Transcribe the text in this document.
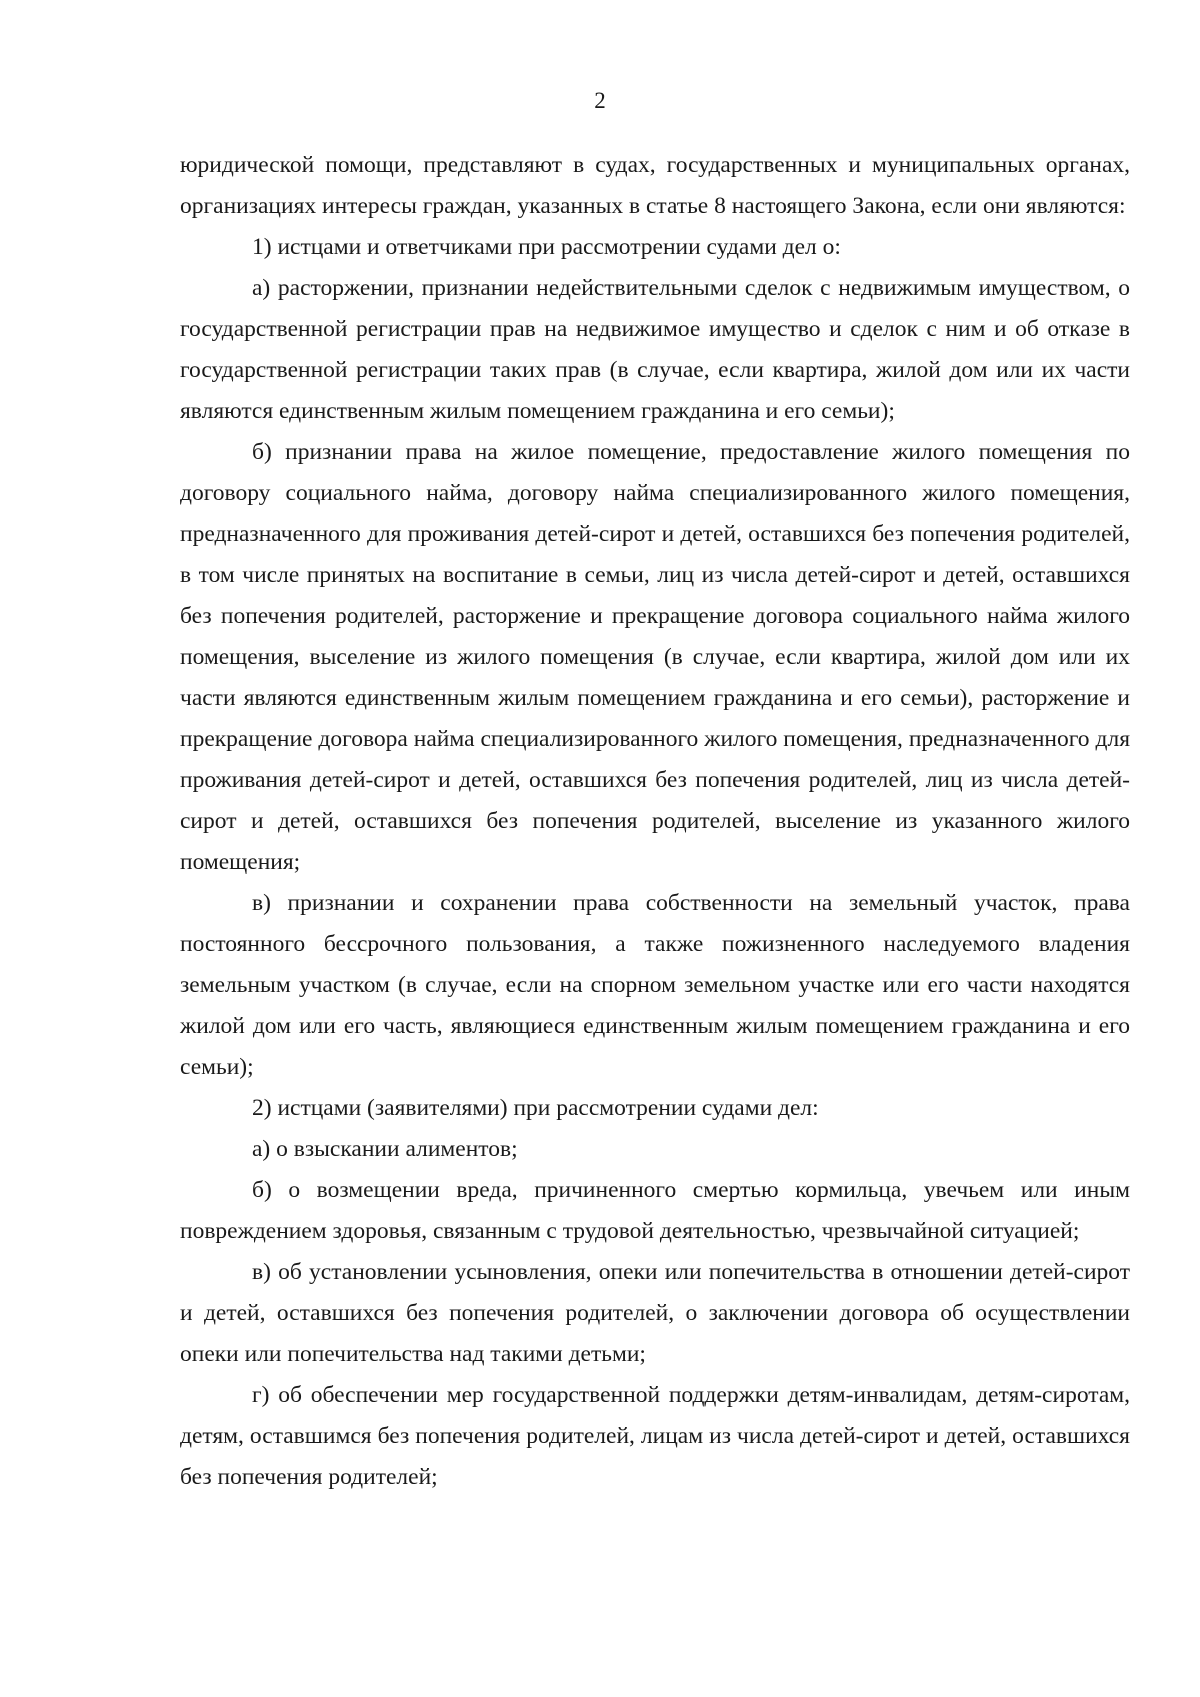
2

юридической помощи, представляют в судах, государственных и муниципальных органах, организациях интересы граждан, указанных в статье 8 настоящего Закона, если они являются:

1) истцами и ответчиками при рассмотрении судами дел о:

а) расторжении, признании недействительными сделок с недвижимым имуществом, о государственной регистрации прав на недвижимое имущество и сделок с ним и об отказе в государственной регистрации таких прав (в случае, если квартира, жилой дом или их части являются единственным жилым помещением гражданина и его семьи);

б) признании права на жилое помещение, предоставление жилого помещения по договору социального найма, договору найма специализированного жилого помещения, предназначенного для проживания детей-сирот и детей, оставшихся без попечения родителей, в том числе принятых на воспитание в семьи, лиц из числа детей-сирот и детей, оставшихся без попечения родителей, расторжение и прекращение договора социального найма жилого помещения, выселение из жилого помещения (в случае, если квартира, жилой дом или их части являются единственным жилым помещением гражданина и его семьи), расторжение и прекращение договора найма специализированного жилого помещения, предназначенного для проживания детей-сирот и детей, оставшихся без попечения родителей, лиц из числа детей-сирот и детей, оставшихся без попечения родителей, выселение из указанного жилого помещения;

в) признании и сохранении права собственности на земельный участок, права постоянного бессрочного пользования, а также пожизненного наследуемого владения земельным участком (в случае, если на спорном земельном участке или его части находятся жилой дом или его часть, являющиеся единственным жилым помещением гражданина и его семьи);

2) истцами (заявителями) при рассмотрении судами дел:

а) о взыскании алиментов;

б) о возмещении вреда, причиненного смертью кормильца, увечьем или иным повреждением здоровья, связанным с трудовой деятельностью, чрезвычайной ситуацией;

в) об установлении усыновления, опеки или попечительства в отношении детей-сирот и детей, оставшихся без попечения родителей, о заключении договора об осуществлении опеки или попечительства над такими детьми;

г) об обеспечении мер государственной поддержки детям-инвалидам, детям-сиротам, детям, оставшимся без попечения родителей, лицам из числа детей-сирот и детей, оставшихся без попечения родителей;
